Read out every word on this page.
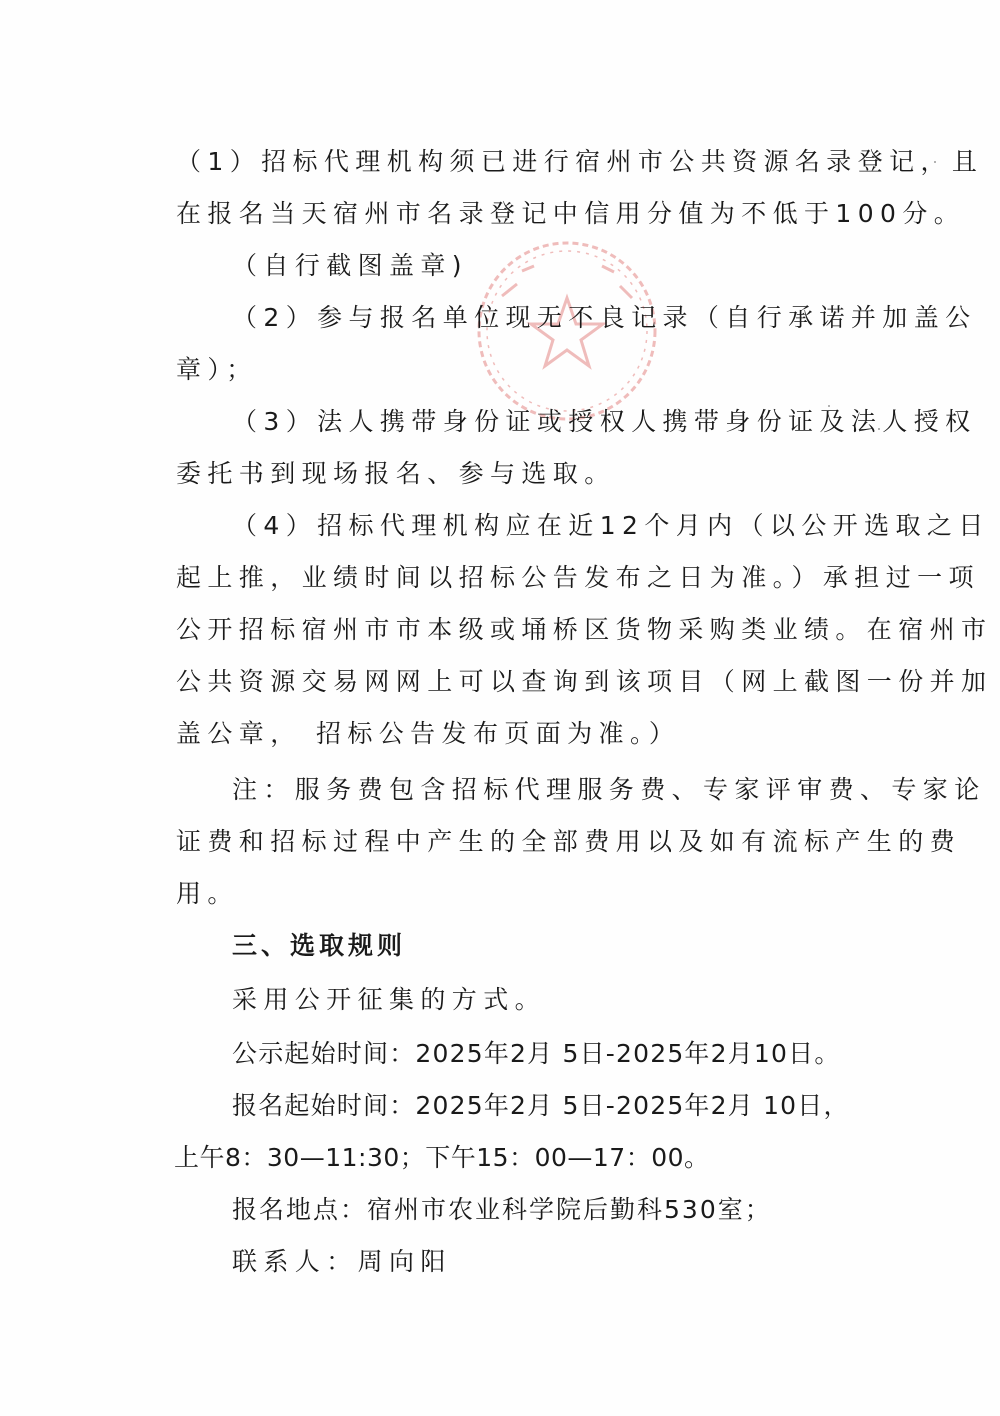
（1）招标代理机构须已进行宿州市公共资源名录登记，且
在报名当天宿州市名录登记中信用分值为不低于100分。
（自行截图盖章)
（2）参与报名单位现无不良记录（自行承诺并加盖公
章）；
（3）法人携带身份证或授权人携带身份证及法人授权
委托书到现场报名、参与选取。
（4）招标代理机构应在近12个月内（以公开选取之日
起上推，业绩时间以招标公告发布之日为准。）承担过一项
公开招标宿州市市本级或埇桥区货物采购类业绩。在宿州市
公共资源交易网网上可以查询到该项目（网上截图一份并加
盖公章， 招标公告发布页面为准。）
注：服务费包含招标代理服务费、专家评审费、专家论
证费和招标过程中产生的全部费用以及如有流标产生的费
用。
三、选取规则
采用公开征集的方式。
公示起始时间：2025年2月 5日-2025年2月10日。
报名起始时间：2025年2月 5日-2025年2月 10日，
上午8：30—11:30；下午15：00—17：00。
报名地点：宿州市农业科学院后勤科530室；
联系人：周向阳
